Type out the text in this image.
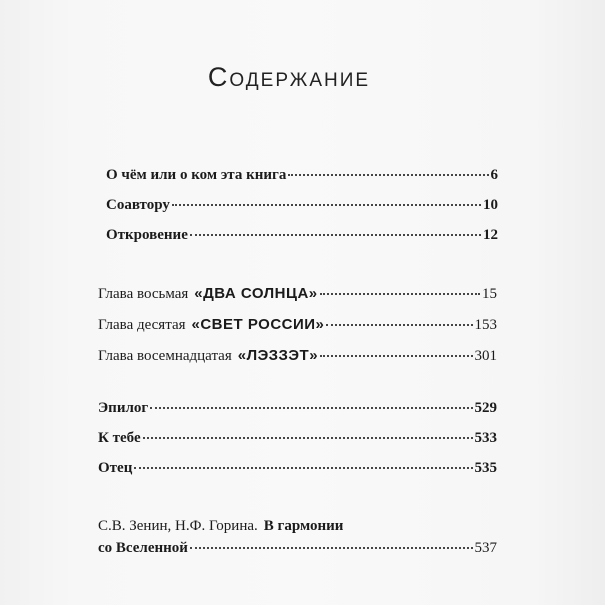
Содержание
О чём или о ком эта книга	6
Соавтору	10
Откровение	12
Глава восьмая «ДВА СОЛНЦА»	15
Глава десятая «СВЕТ РОССИИ»	153
Глава восемнадцатая «ЛЭЗЗЭТ»	301
Эпилог	529
К тебе	533
Отец	535
С.В. Зенин, Н.Ф. Горина. В гармонии
со Вселенной	537
